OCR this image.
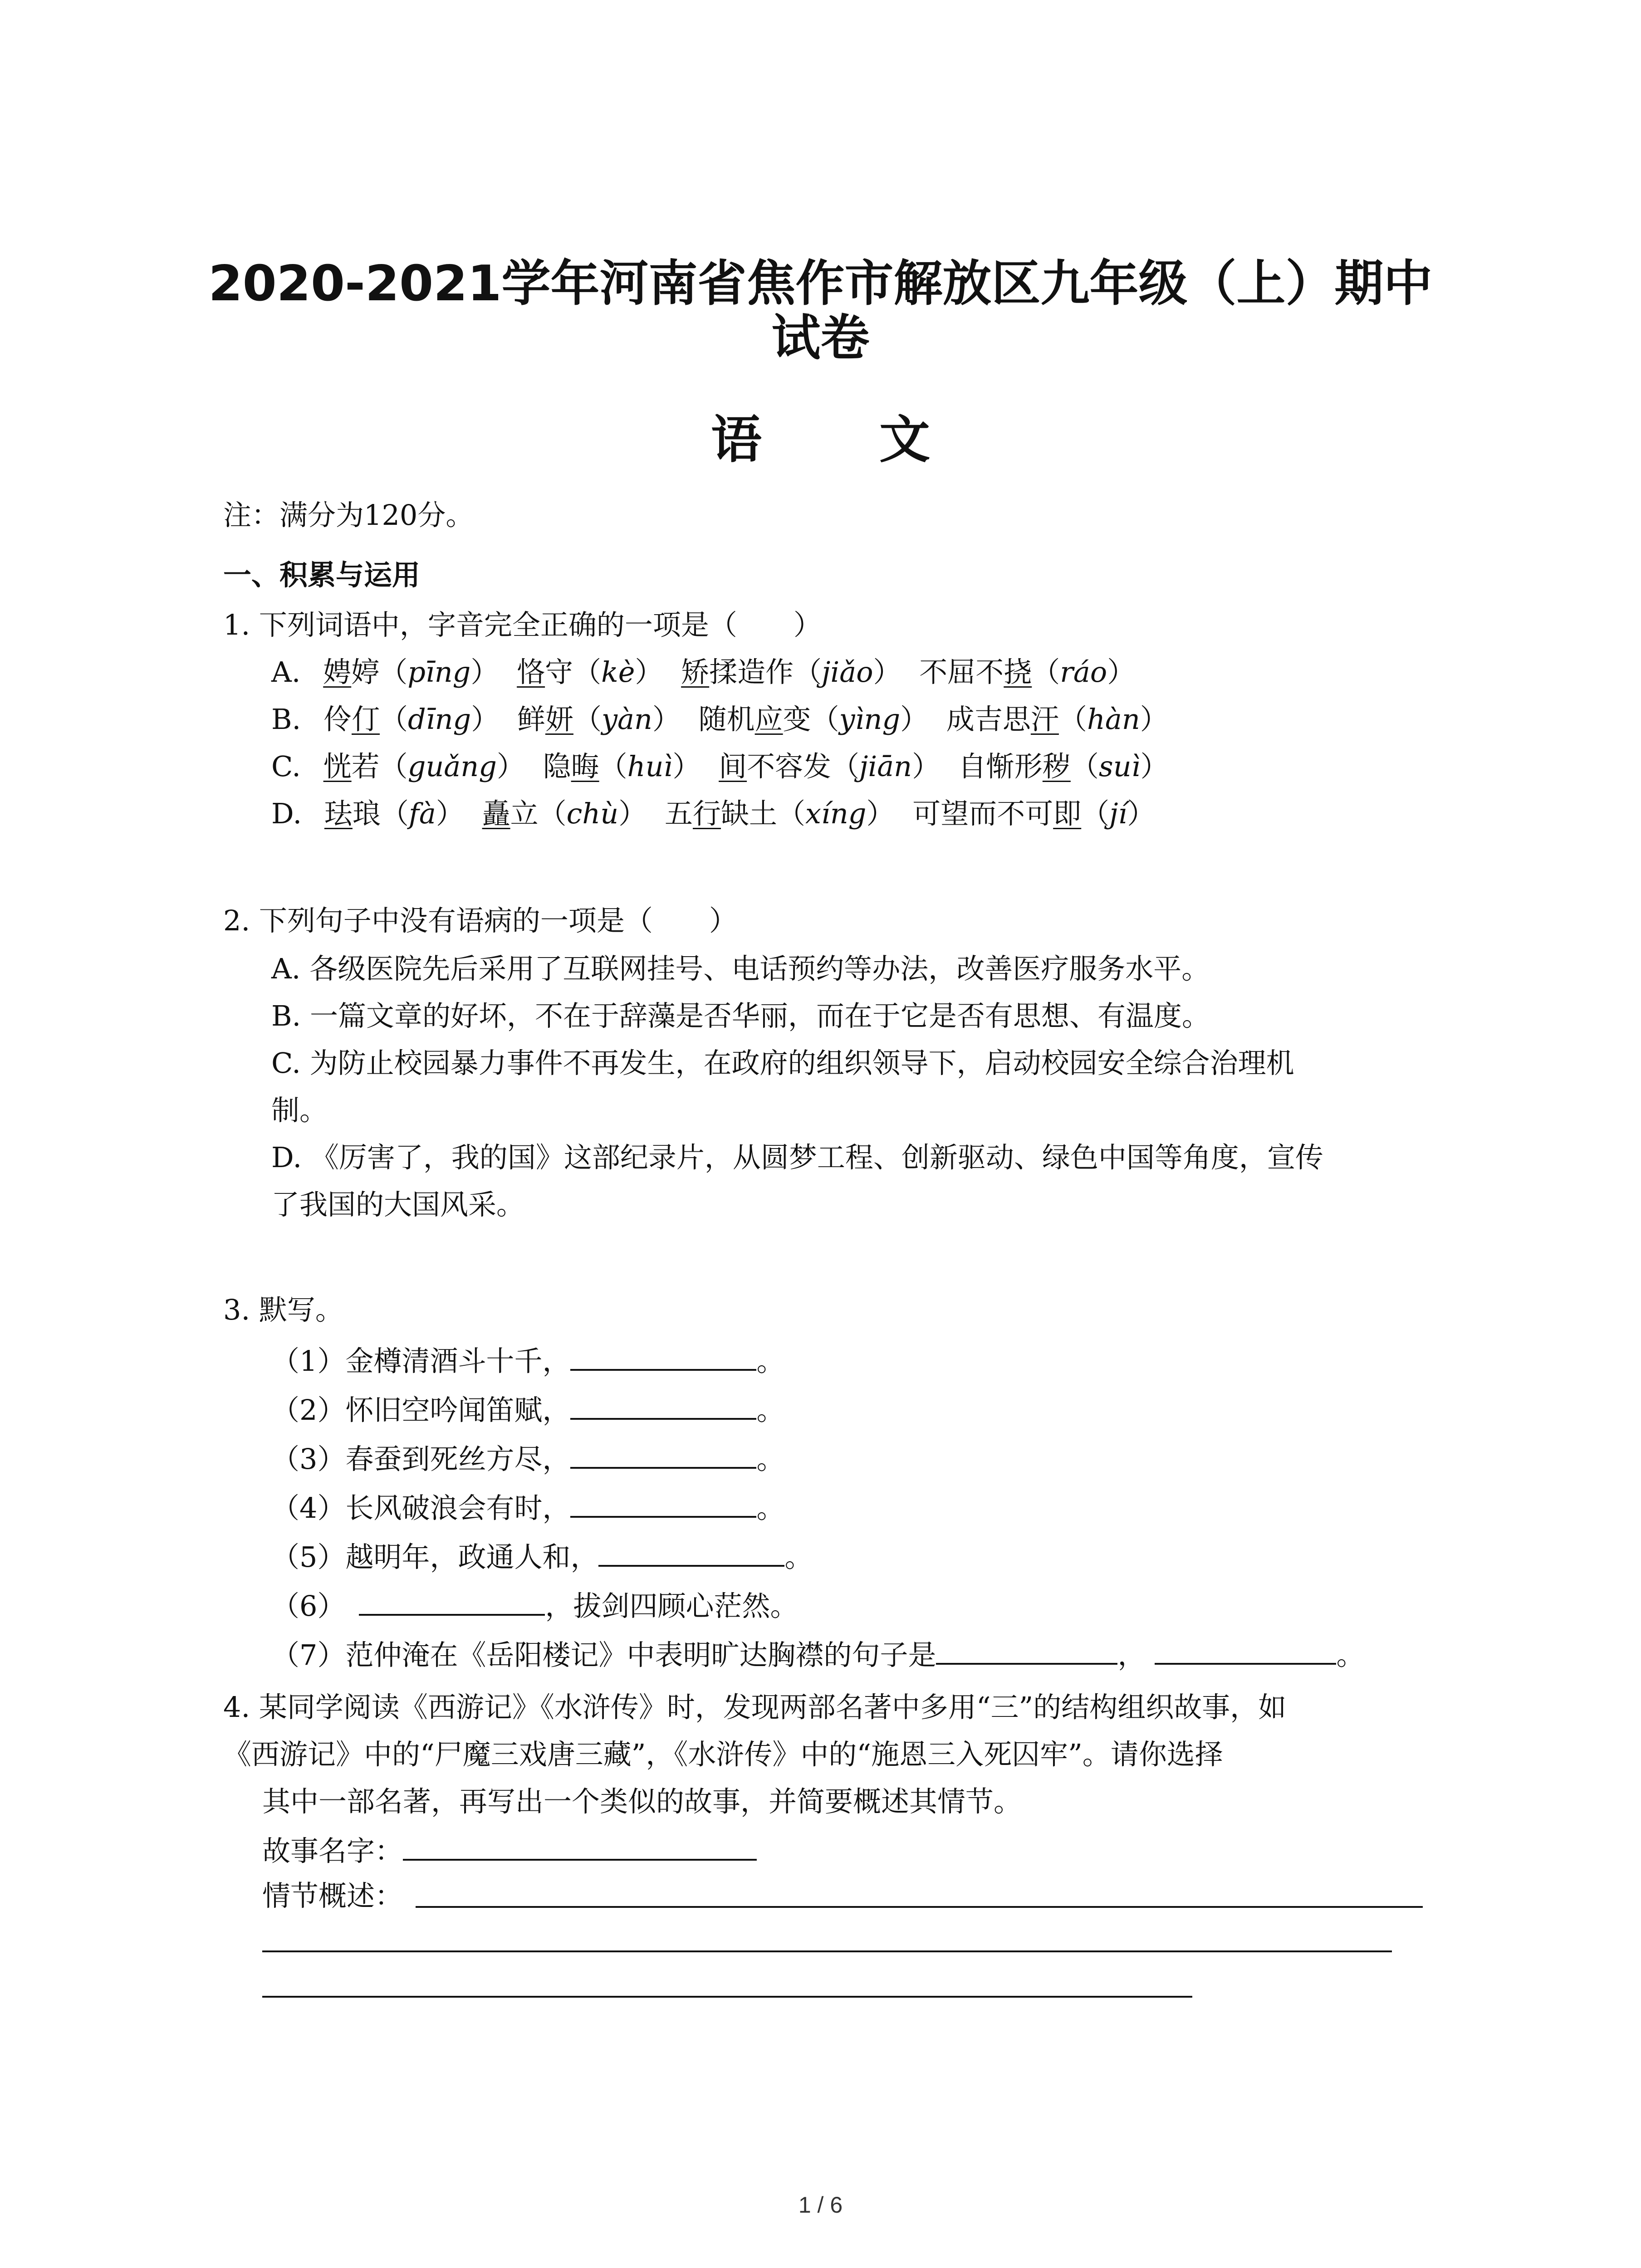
2020-2021学年河南省焦作市解放区九年级（上）期中
试卷
语 文
注：满分为120分。
一、积累与运用
1. 下列词语中，字音完全正确的一项是（　　）
A. 娉婷（pīng） 恪守（kè） 矫揉造作（jiǎo） 不屈不挠（ráo）
B. 伶仃（dīng） 鲜妍（yàn） 随机应变（yìng） 成吉思汗（hàn）
C. 恍若（guǎng） 隐晦（huì） 间不容发（jiān） 自惭形秽（suì）
D. 珐琅（fà） 矗立（chù） 五行缺土（xíng） 可望而不可即（jí）
2. 下列句子中没有语病的一项是（　　）
A. 各级医院先后采用了互联网挂号、电话预约等办法，改善医疗服务水平。
B. 一篇文章的好坏，不在于辞藻是否华丽，而在于它是否有思想、有温度。
C. 为防止校园暴力事件不再发生，在政府的组织领导下，启动校园安全综合治理机
制。
D. 《厉害了，我的国》这部纪录片，从圆梦工程、创新驱动、绿色中国等角度，宣传
了我国的大国风采。
3. 默写。
（1）金樽清酒斗十千，	。
（2）怀旧空吟闻笛赋，	。
（3）春蚕到死丝方尽，	。
（4）长风破浪会有时，	。
（5）越明年，政通人和，	。
（6）	，拔剑四顾心茫然。
（7）范仲淹在《岳阳楼记》中表明旷达胸襟的句子是	，	。
4. 某同学阅读《西游记》《水浒传》时，发现两部名著中多用“三”的结构组织故事，如
《西游记》中的“尸魔三戏唐三藏”，《水浒传》中的“施恩三入死囚牢”。请你选择
其中一部名著，再写出一个类似的故事，并简要概述其情节。
故事名字：
情节概述：
1 / 6
